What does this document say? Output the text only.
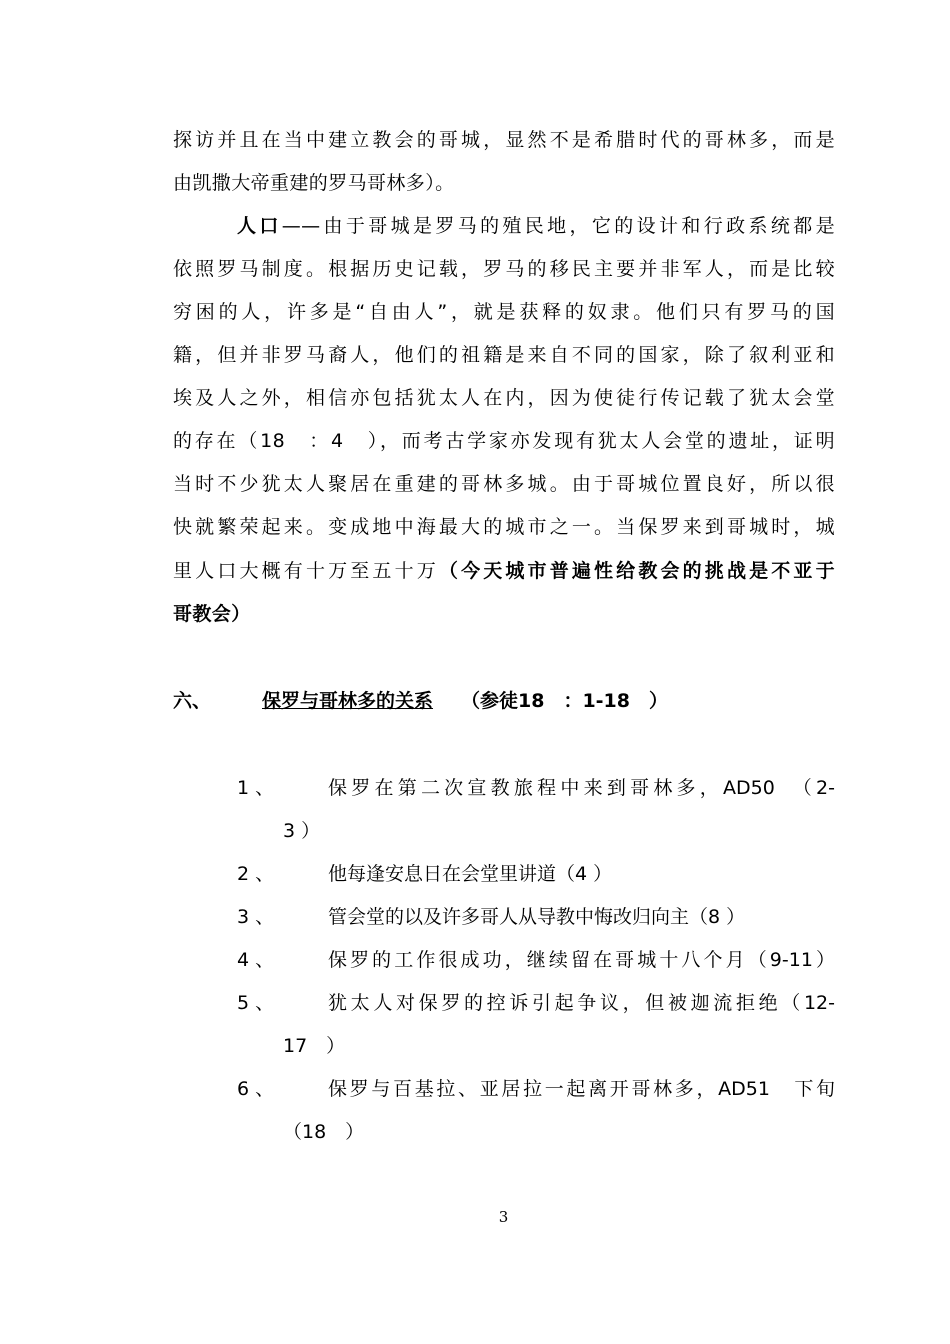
探访并且在当中建立教会的哥城，显然不是希腊时代的哥林多，而是
由凯撒大帝重建的罗马哥林多）。
人口——由于哥城是罗马的殖民地，它的设计和行政系统都是
依照罗马制度。根据历史记载，罗马的移民主要并非军人，而是比较
穷困的人，许多是“自由人”，就是获释的奴隶。他们只有罗马的国
籍，但并非罗马裔人，他们的祖籍是来自不同的国家，除了叙利亚和
埃及人之外，相信亦包括犹太人在内，因为使徒行传记载了犹太会堂
的存在（18　：4　），而考古学家亦发现有犹太人会堂的遗址，证明
当时不少犹太人聚居在重建的哥林多城。由于哥城位置良好，所以很
快就繁荣起来。变成地中海最大的城市之一。当保罗来到哥城时，城
里人口大概有十万至五十万（今天城市普遍性给教会的挑战是不亚于
哥教会）
六、	保罗与哥林多的关系 （参徒18　：1-18　）
1 、	保罗在第二次宣教旅程中来到哥林多，AD50　（2-
3 ）
2 、	他每逢安息日在会堂里讲道（4 ）
3 、	管会堂的以及许多哥人从导教中悔改归向主（8 ）
4 、	保罗的工作很成功，继续留在哥城十八个月（9-11）
5 、	犹太人对保罗的控诉引起争议，但被迦流拒绝（12-
17　）
6 、	保罗与百基拉、亚居拉一起离开哥林多，AD51　下旬
（18　）
3
